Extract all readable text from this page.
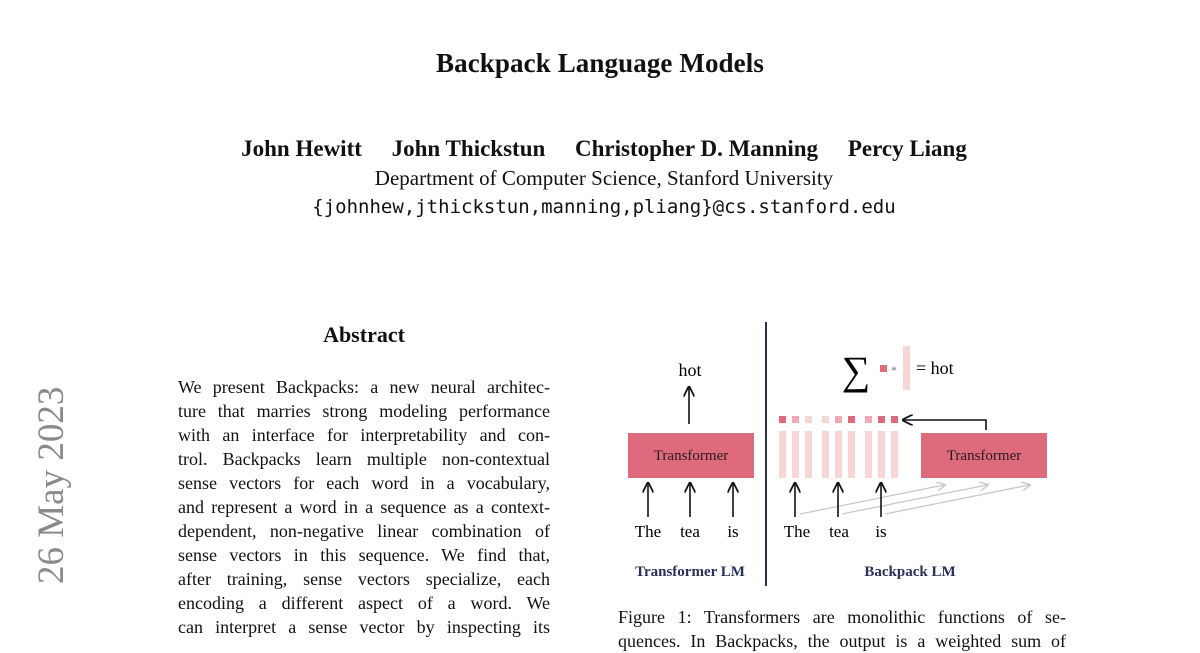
Backpack Language Models
John Hewitt John Thickstun Christopher D. Manning Percy Liang
Department of Computer Science, Stanford University
{johnhew,jthickstun,manning,pliang}@cs.stanford.edu
26 May 2023
Abstract
We present Backpacks: a new neural architec-
ture that marries strong modeling performance
with an interface for interpretability and con-
trol. Backpacks learn multiple non-contextual
sense vectors for each word in a vocabulary,
and represent a word in a sequence as a context-
dependent, non-negative linear combination of
sense vectors in this sequence. We find that,
after training, sense vectors specialize, each
encoding a different aspect of a word. We
can interpret a sense vector by inspecting its
hot
Transformer
The tea is
Transformer LM
∑ * = hot
Transformer
The tea is
Backpack LM
Figure 1: Transformers are monolithic functions of se-
quences. In Backpacks, the output is a weighted sum of
